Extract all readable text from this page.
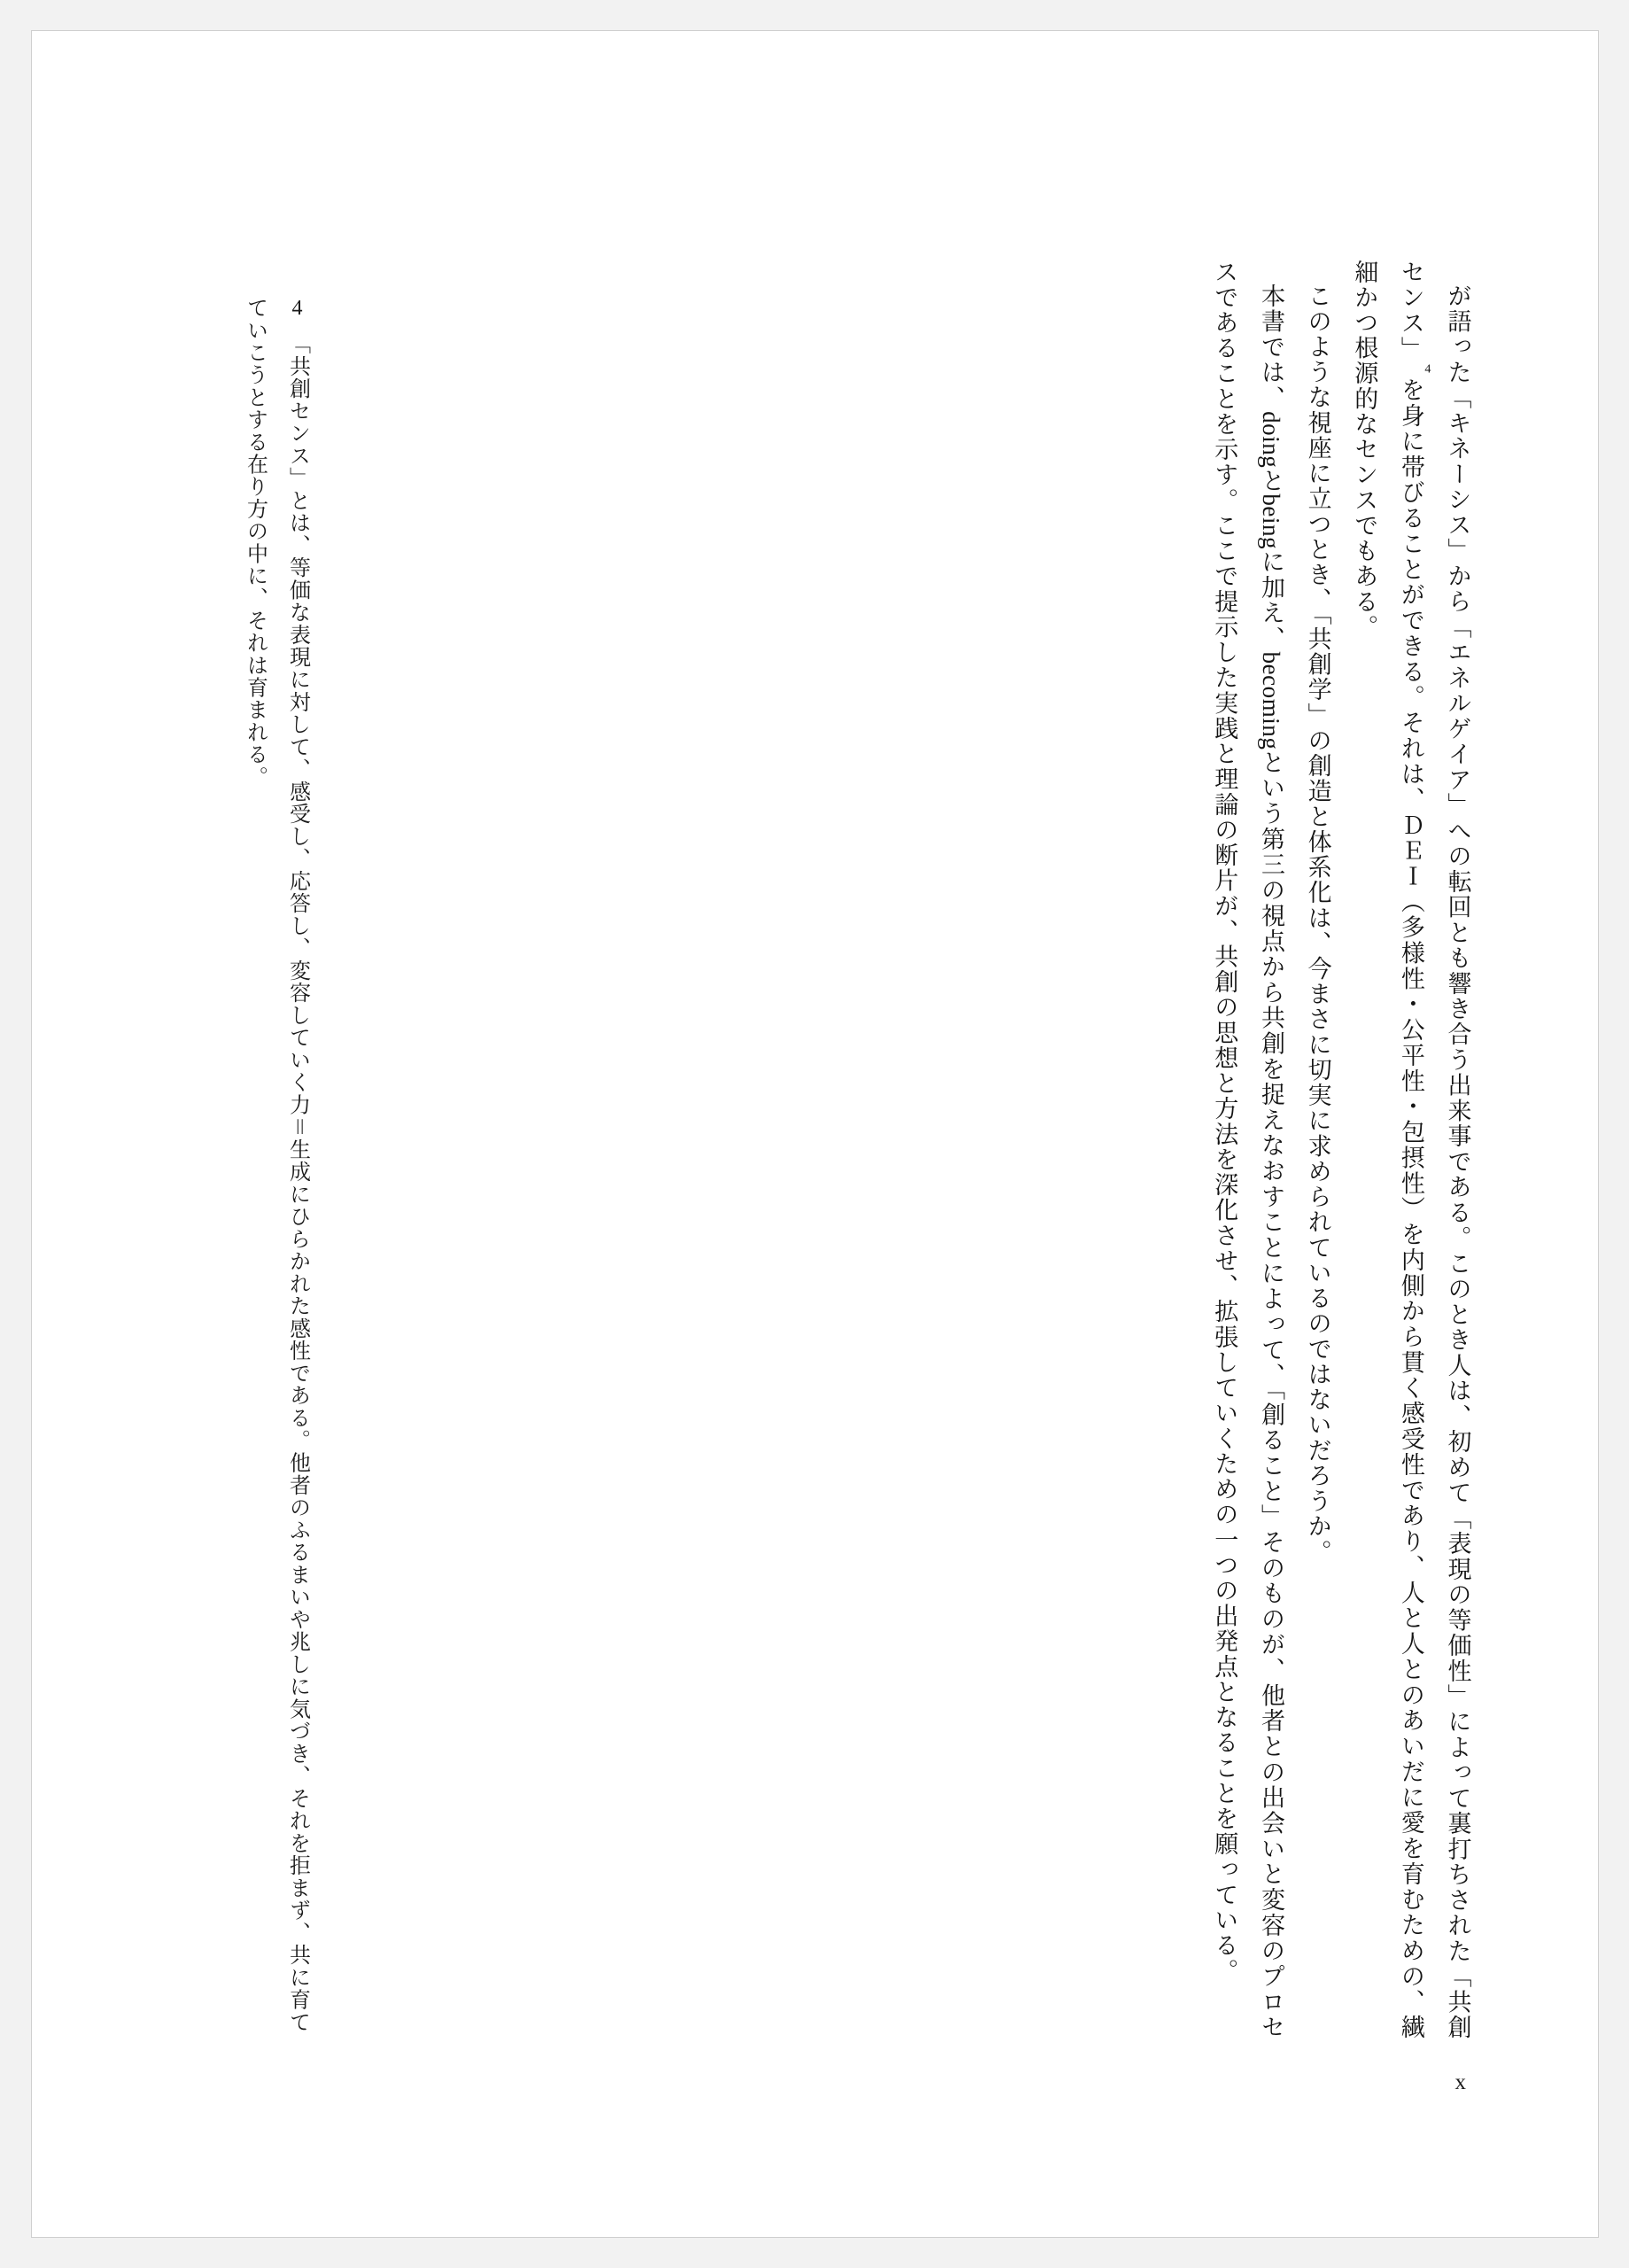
が語った「キネーシス」から「エネルゲイア」への転回とも響き合う出来事である。このとき人は、初めて「表現の等価性」によって裏打ちされた「共創センス」$^4$を身に帯びることができる。それは、ＤＥＩ（多様性・公平性・包摂性）を内側から貫く感受性であり、人と人とのあいだに愛を育むための、繊細かつ根源的なセンスでもある。

このような視座に立つとき、「共創学」の創造と体系化は、今まさに切実に求められているのではないだろうか。

本書では、doingとbeingに加え、becomingという第三の視点から共創を捉えなおすことによって、「創ること」そのものが、他者との出会いと変容のプロセスであることを示す。ここで提示した実践と理論の断片が、共創の思想と方法を深化させ、拡張していくための一つの出発点となることを願っている。

4　「共創センス」とは、等価な表現に対して、感受し、応答し、変容していく力＝生成にひらかれた感性である。他者のふるまいや兆しに気づき、それを拒まず、共に育てていこうとする在り方の中に、それは育まれる。

x
